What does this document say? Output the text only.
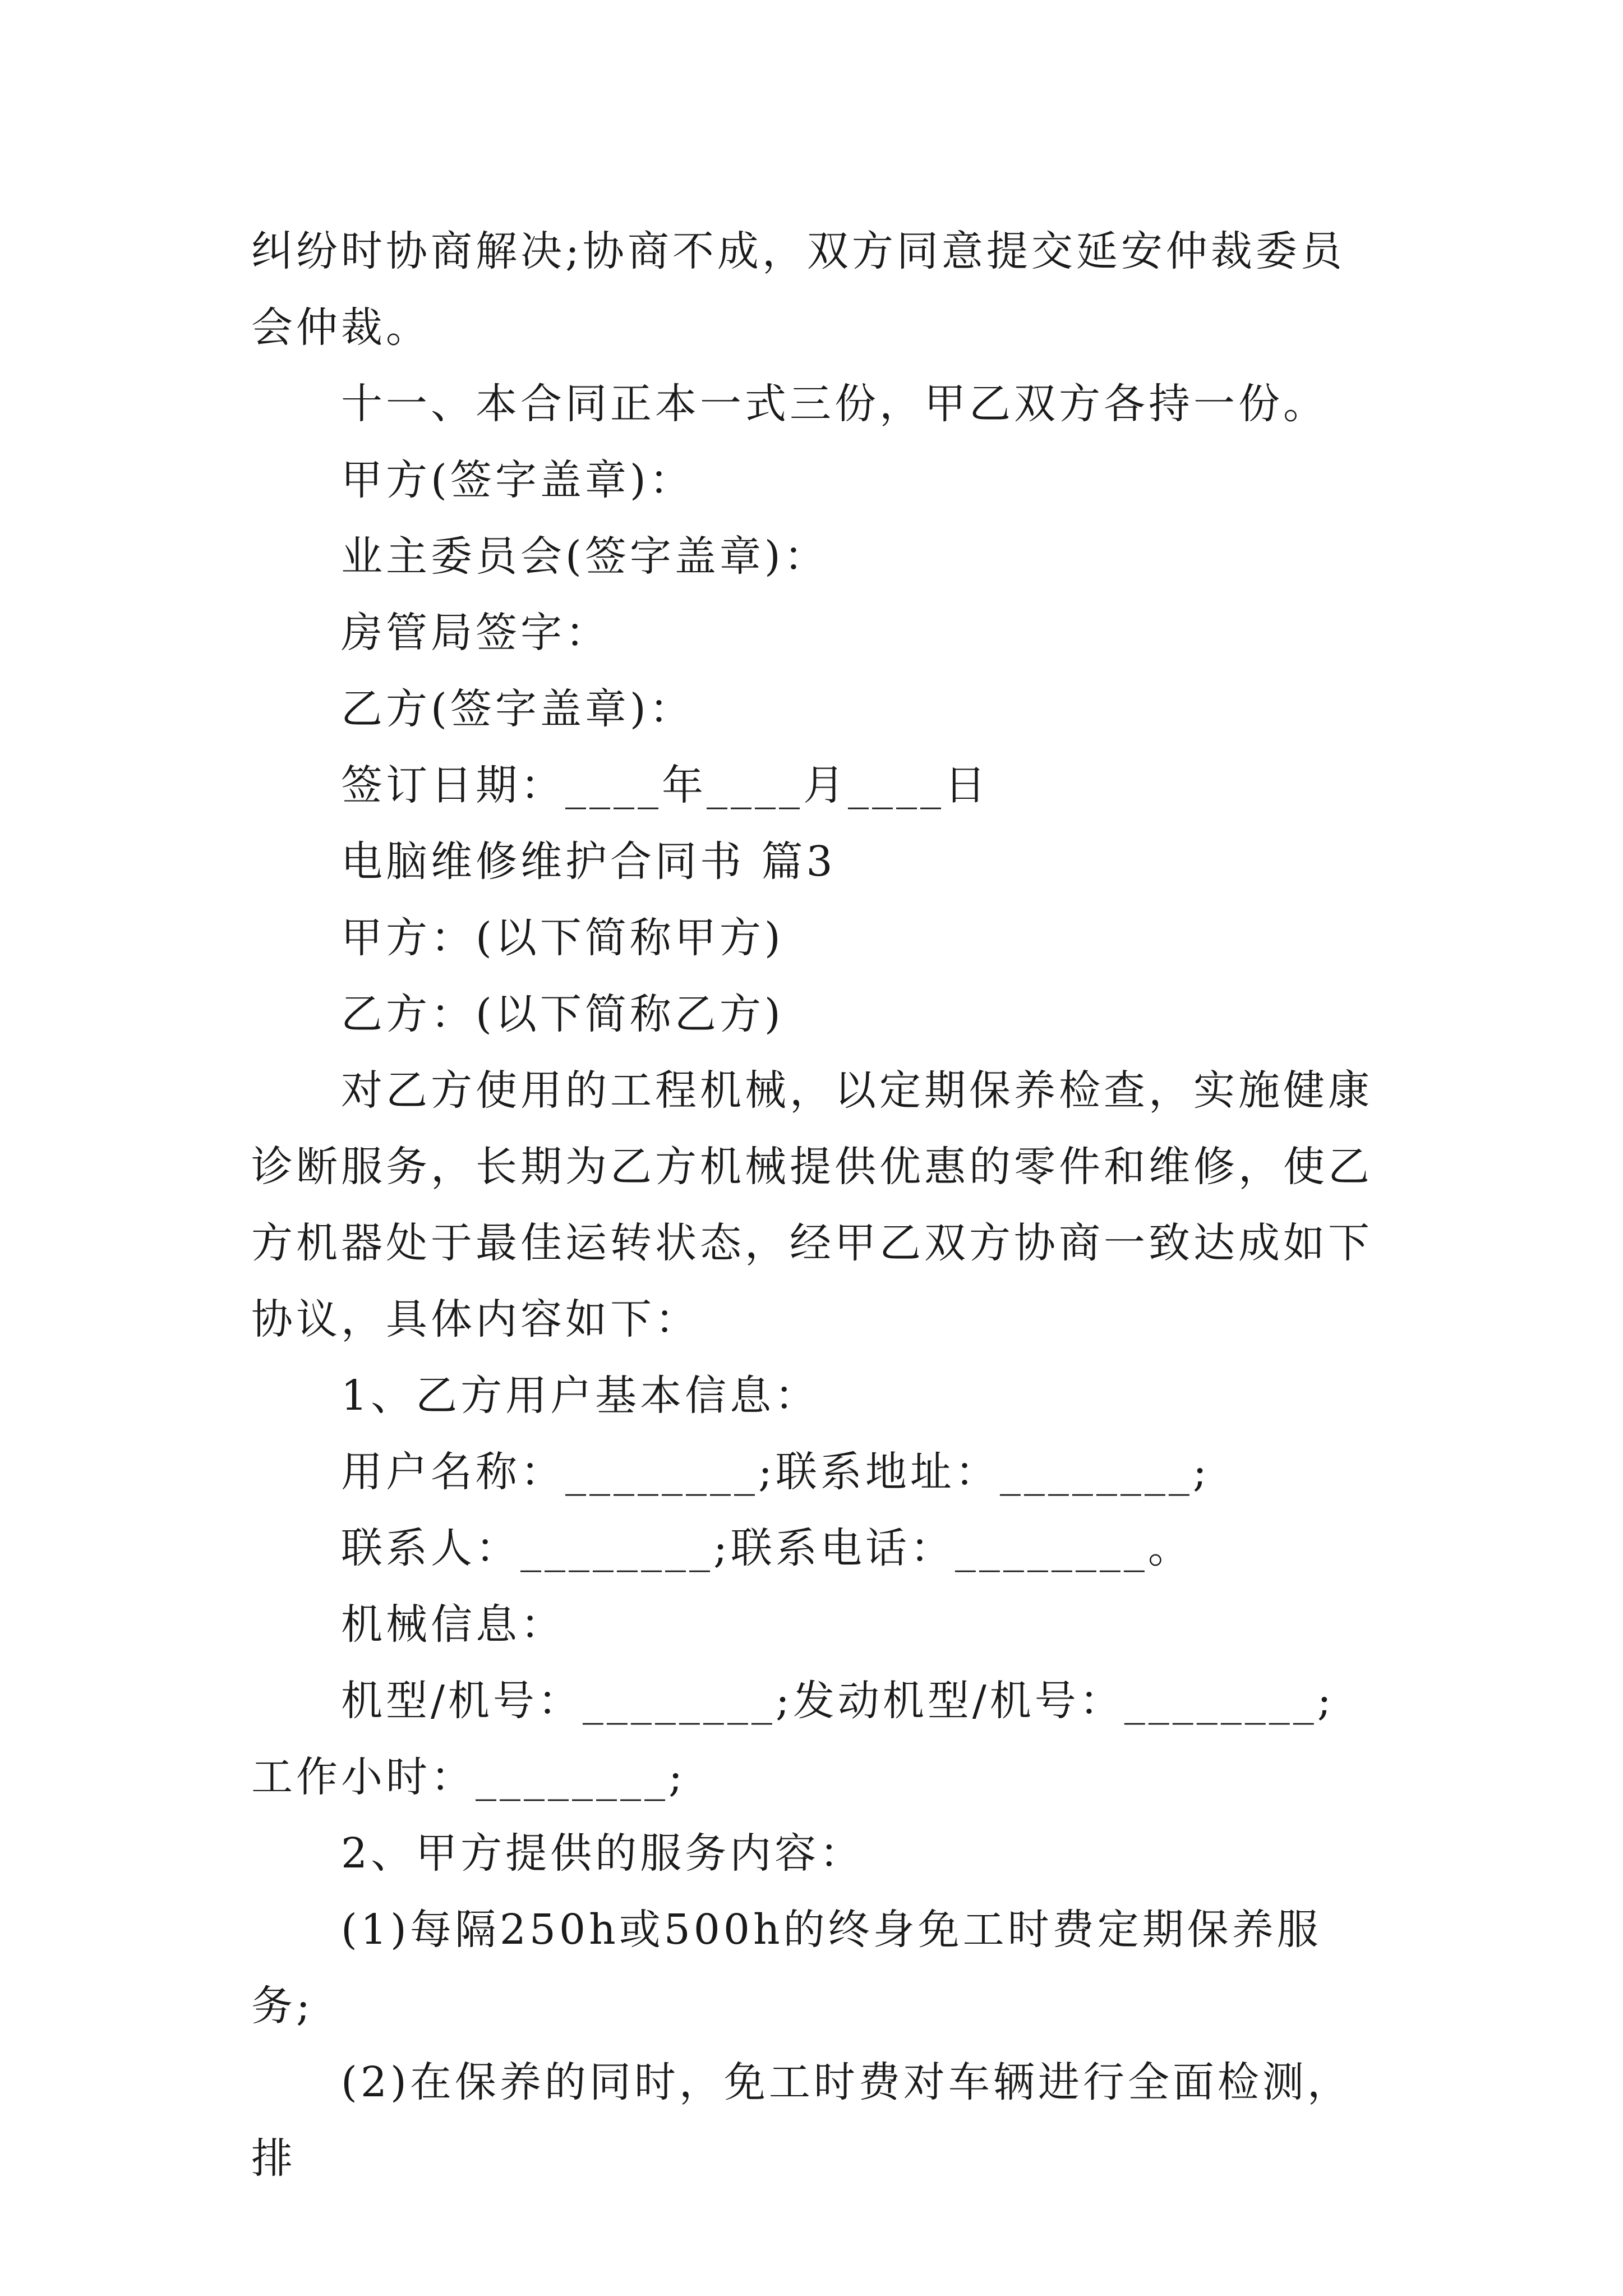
纠纷时协商解决;协商不成，双方同意提交延安仲裁委员会仲裁。

十一、本合同正本一式三份，甲乙双方各持一份。

甲方(签字盖章)：

业主委员会(签字盖章)：

房管局签字：

乙方(签字盖章)：

签订日期：____年____月____日

电脑维修维护合同书 篇3

甲方：(以下简称甲方)

乙方：(以下简称乙方)

对乙方使用的工程机械，以定期保养检查，实施健康诊断服务，长期为乙方机械提供优惠的零件和维修，使乙方机器处于最佳运转状态，经甲乙双方协商一致达成如下协议，具体内容如下：

1、乙方用户基本信息：

用户名称：________;联系地址：________;

联系人：________;联系电话：________。

机械信息：

机型/机号：________;发动机型/机号：________;工作小时：________;

2、甲方提供的服务内容：

(1)每隔250h或500h的终身免工时费定期保养服务;

(2)在保养的同时，免工时费对车辆进行全面检测，排
